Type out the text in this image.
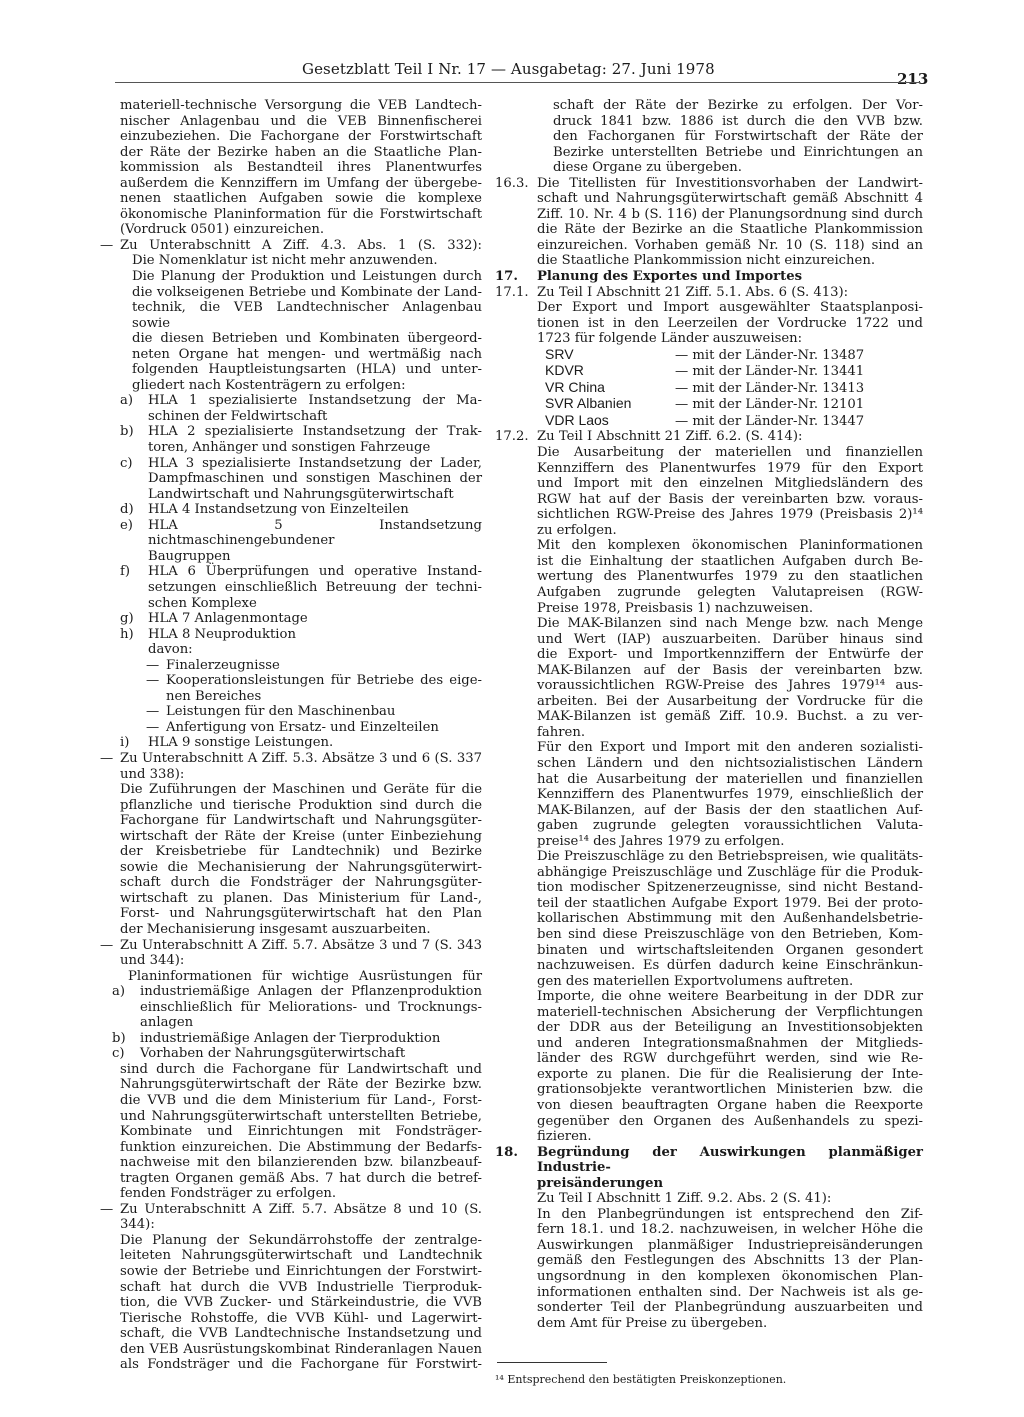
Gesetzblatt Teil I Nr. 17 — Ausgabetag: 27. Juni 1978
213
materiell-technische Versorgung die VEB Landtech-
nischer Anlagenbau und die VEB Binnenfischerei
einzubeziehen. Die Fachorgane der Forstwirtschaft
der Räte der Bezirke haben an die Staatliche Plan-
kommission als Bestandteil ihres Planentwurfes
außerdem die Kennziffern im Umfang der übergebe-
nenen staatlichen Aufgaben sowie die komplexe
ökonomische Planinformation für die Forstwirtschaft
(Vordruck 0501) einzureichen.
— Zu Unterabschnitt A Ziff. 4.3. Abs. 1 (S. 332):
Die Nomenklatur ist nicht mehr anzuwenden.
Die Planung der Produktion und Leistungen durch
die volkseigenen Betriebe und Kombinate der Land-
technik, die VEB Landtechnischer Anlagenbau sowie
die diesen Betrieben und Kombinaten übergeord-
neten Organe hat mengen- und wertmäßig nach
folgenden Hauptleistungsarten (HLA) und unter-
gliedert nach Kostenträgern zu erfolgen:
a) HLA 1 spezialisierte Instandsetzung der Ma-
schinen der Feldwirtschaft
b) HLA 2 spezialisierte Instandsetzung der Trak-
toren, Anhänger und sonstigen Fahrzeuge
c) HLA 3 spezialisierte Instandsetzung der Lader,
Dampfmaschinen und sonstigen Maschinen der
Landwirtschaft und Nahrungsgüterwirtschaft
d) HLA 4 Instandsetzung von Einzelteilen
e) HLA 5 Instandsetzung nichtmaschinengebundener
Baugruppen
f) HLA 6 Überprüfungen und operative Instand-
setzungen einschließlich Betreuung der techni-
schen Komplexe
g) HLA 7 Anlagenmontage
h) HLA 8 Neuproduktion
davon:
— Finalerzeugnisse
— Kooperationsleistungen für Betriebe des eige-
nen Bereiches
— Leistungen für den Maschinenbau
— Anfertigung von Ersatz- und Einzelteilen
i) HLA 9 sonstige Leistungen.
— Zu Unterabschnitt A Ziff. 5.3. Absätze 3 und 6 (S. 337
und 338):
Die Zuführungen der Maschinen und Geräte für die
pflanzliche und tierische Produktion sind durch die
Fachorgane für Landwirtschaft und Nahrungsgüter-
wirtschaft der Räte der Kreise (unter Einbeziehung
der Kreisbetriebe für Landtechnik) und Bezirke
sowie die Mechanisierung der Nahrungsgüterwirt-
schaft durch die Fondsträger der Nahrungsgüter-
wirtschaft zu planen. Das Ministerium für Land-,
Forst- und Nahrungsgüterwirtschaft hat den Plan
der Mechanisierung insgesamt auszuarbeiten.
— Zu Unterabschnitt A Ziff. 5.7. Absätze 3 und 7 (S. 343
und 344):
Planinformationen für wichtige Ausrüstungen für
a) industriemäßige Anlagen der Pflanzenproduktion
einschließlich für Meliorations- und Trocknungs-
anlagen
b) industriemäßige Anlagen der Tierproduktion
c) Vorhaben der Nahrungsgüterwirtschaft
sind durch die Fachorgane für Landwirtschaft und
Nahrungsgüterwirtschaft der Räte der Bezirke bzw.
die VVB und die dem Ministerium für Land-, Forst-
und Nahrungsgüterwirtschaft unterstellten Betriebe,
Kombinate und Einrichtungen mit Fondsträger-
funktion einzureichen. Die Abstimmung der Bedarfs-
nachweise mit den bilanzierenden bzw. bilanzbeauf-
tragten Organen gemäß Abs. 7 hat durch die betref-
fenden Fondsträger zu erfolgen.
— Zu Unterabschnitt A Ziff. 5.7. Absätze 8 und 10 (S. 344):
Die Planung der Sekundärrohstoffe der zentralge-
leiteten Nahrungsgüterwirtschaft und Landtechnik
sowie der Betriebe und Einrichtungen der Forstwirt-
schaft hat durch die VVB Industrielle Tierproduk-
tion, die VVB Zucker- und Stärkeindustrie, die VVB
Tierische Rohstoffe, die VVB Kühl- und Lagerwirt-
schaft, die VVB Landtechnische Instandsetzung und
den VEB Ausrüstungskombinat Rinderanlagen Nauen
als Fondsträger und die Fachorgane für Forstwirt-
schaft der Räte der Bezirke zu erfolgen. Der Vor-
druck 1841 bzw. 1886 ist durch die den VVB bzw.
den Fachorganen für Forstwirtschaft der Räte der
Bezirke unterstellten Betriebe und Einrichtungen an
diese Organe zu übergeben.
16.3. Die Titellisten für Investitionsvorhaben der Landwirt-
schaft und Nahrungsgüterwirtschaft gemäß Abschnitt 4
Ziff. 10. Nr. 4 b (S. 116) der Planungsordnung sind durch
die Räte der Bezirke an die Staatliche Plankommission
einzureichen. Vorhaben gemäß Nr. 10 (S. 118) sind an
die Staatliche Plankommission nicht einzureichen.
17. Planung des Exportes und Importes
17.1. Zu Teil I Abschnitt 21 Ziff. 5.1. Abs. 6 (S. 413):
Der Export und Import ausgewählter Staatsplanposi-
tionen ist in den Leerzeilen der Vordrucke 1722 und
1723 für folgende Länder auszuweisen:
SRV	— mit der Länder-Nr. 13487
KDVR	— mit der Länder-Nr. 13441
VR China	— mit der Länder-Nr. 13413
SVR Albanien	— mit der Länder-Nr. 12101
VDR Laos	— mit der Länder-Nr. 13447
17.2. Zu Teil I Abschnitt 21 Ziff. 6.2. (S. 414):
Die Ausarbeitung der materiellen und finanziellen
Kennziffern des Planentwurfes 1979 für den Export
und Import mit den einzelnen Mitgliedsländern des
RGW hat auf der Basis der vereinbarten bzw. voraus-
sichtlichen RGW-Preise des Jahres 1979 (Preisbasis 2)¹⁴
zu erfolgen.
Mit den komplexen ökonomischen Planinformationen
ist die Einhaltung der staatlichen Aufgaben durch Be-
wertung des Planentwurfes 1979 zu den staatlichen
Aufgaben zugrunde gelegten Valutapreisen (RGW-
Preise 1978, Preisbasis 1) nachzuweisen.
Die MAK-Bilanzen sind nach Menge bzw. nach Menge
und Wert (IAP) auszuarbeiten. Darüber hinaus sind
die Export- und Importkennziffern der Entwürfe der
MAK-Bilanzen auf der Basis der vereinbarten bzw.
voraussichtlichen RGW-Preise des Jahres 1979¹⁴ aus-
arbeiten. Bei der Ausarbeitung der Vordrucke für die
MAK-Bilanzen ist gemäß Ziff. 10.9. Buchst. a zu ver-
fahren.
Für den Export und Import mit den anderen sozialisti-
schen Ländern und den nichtsozialistischen Ländern
hat die Ausarbeitung der materiellen und finanziellen
Kennziffern des Planentwurfes 1979, einschließlich der
MAK-Bilanzen, auf der Basis der den staatlichen Auf-
gaben zugrunde gelegten voraussichtlichen Valuta-
preise¹⁴ des Jahres 1979 zu erfolgen.
Die Preiszuschläge zu den Betriebspreisen, wie qualitäts-
abhängige Preiszuschläge und Zuschläge für die Produk-
tion modischer Spitzenerzeugnisse, sind nicht Bestand-
teil der staatlichen Aufgabe Export 1979. Bei der proto-
kollarischen Abstimmung mit den Außenhandelsbetrie-
ben sind diese Preiszuschläge von den Betrieben, Kom-
binaten und wirtschaftsleitenden Organen gesondert
nachzuweisen. Es dürfen dadurch keine Einschränkun-
gen des materiellen Exportvolumens auftreten.
Importe, die ohne weitere Bearbeitung in der DDR zur
materiell-technischen Absicherung der Verpflichtungen
der DDR aus der Beteiligung an Investitionsobjekten
und anderen Integrationsmaßnahmen der Mitglieds-
länder des RGW durchgeführt werden, sind wie Re-
exporte zu planen. Die für die Realisierung der Inte-
grationsobjekte verantwortlichen Ministerien bzw. die
von diesen beauftragten Organe haben die Reexporte
gegenüber den Organen des Außenhandels zu spezi-
fizieren.
18. Begründung der Auswirkungen planmäßiger Industrie-
preisänderungen
Zu Teil I Abschnitt 1 Ziff. 9.2. Abs. 2 (S. 41):
In den Planbegründungen ist entsprechend den Zif-
fern 18.1. und 18.2. nachzuweisen, in welcher Höhe die
Auswirkungen planmäßiger Industriepreisänderungen
gemäß den Festlegungen des Abschnitts 13 der Plan-
ungsordnung in den komplexen ökonomischen Plan-
informationen enthalten sind. Der Nachweis ist als ge-
sonderter Teil der Planbegründung auszuarbeiten und
dem Amt für Preise zu übergeben.
¹⁴ Entsprechend den bestätigten Preiskonzeptionen.
